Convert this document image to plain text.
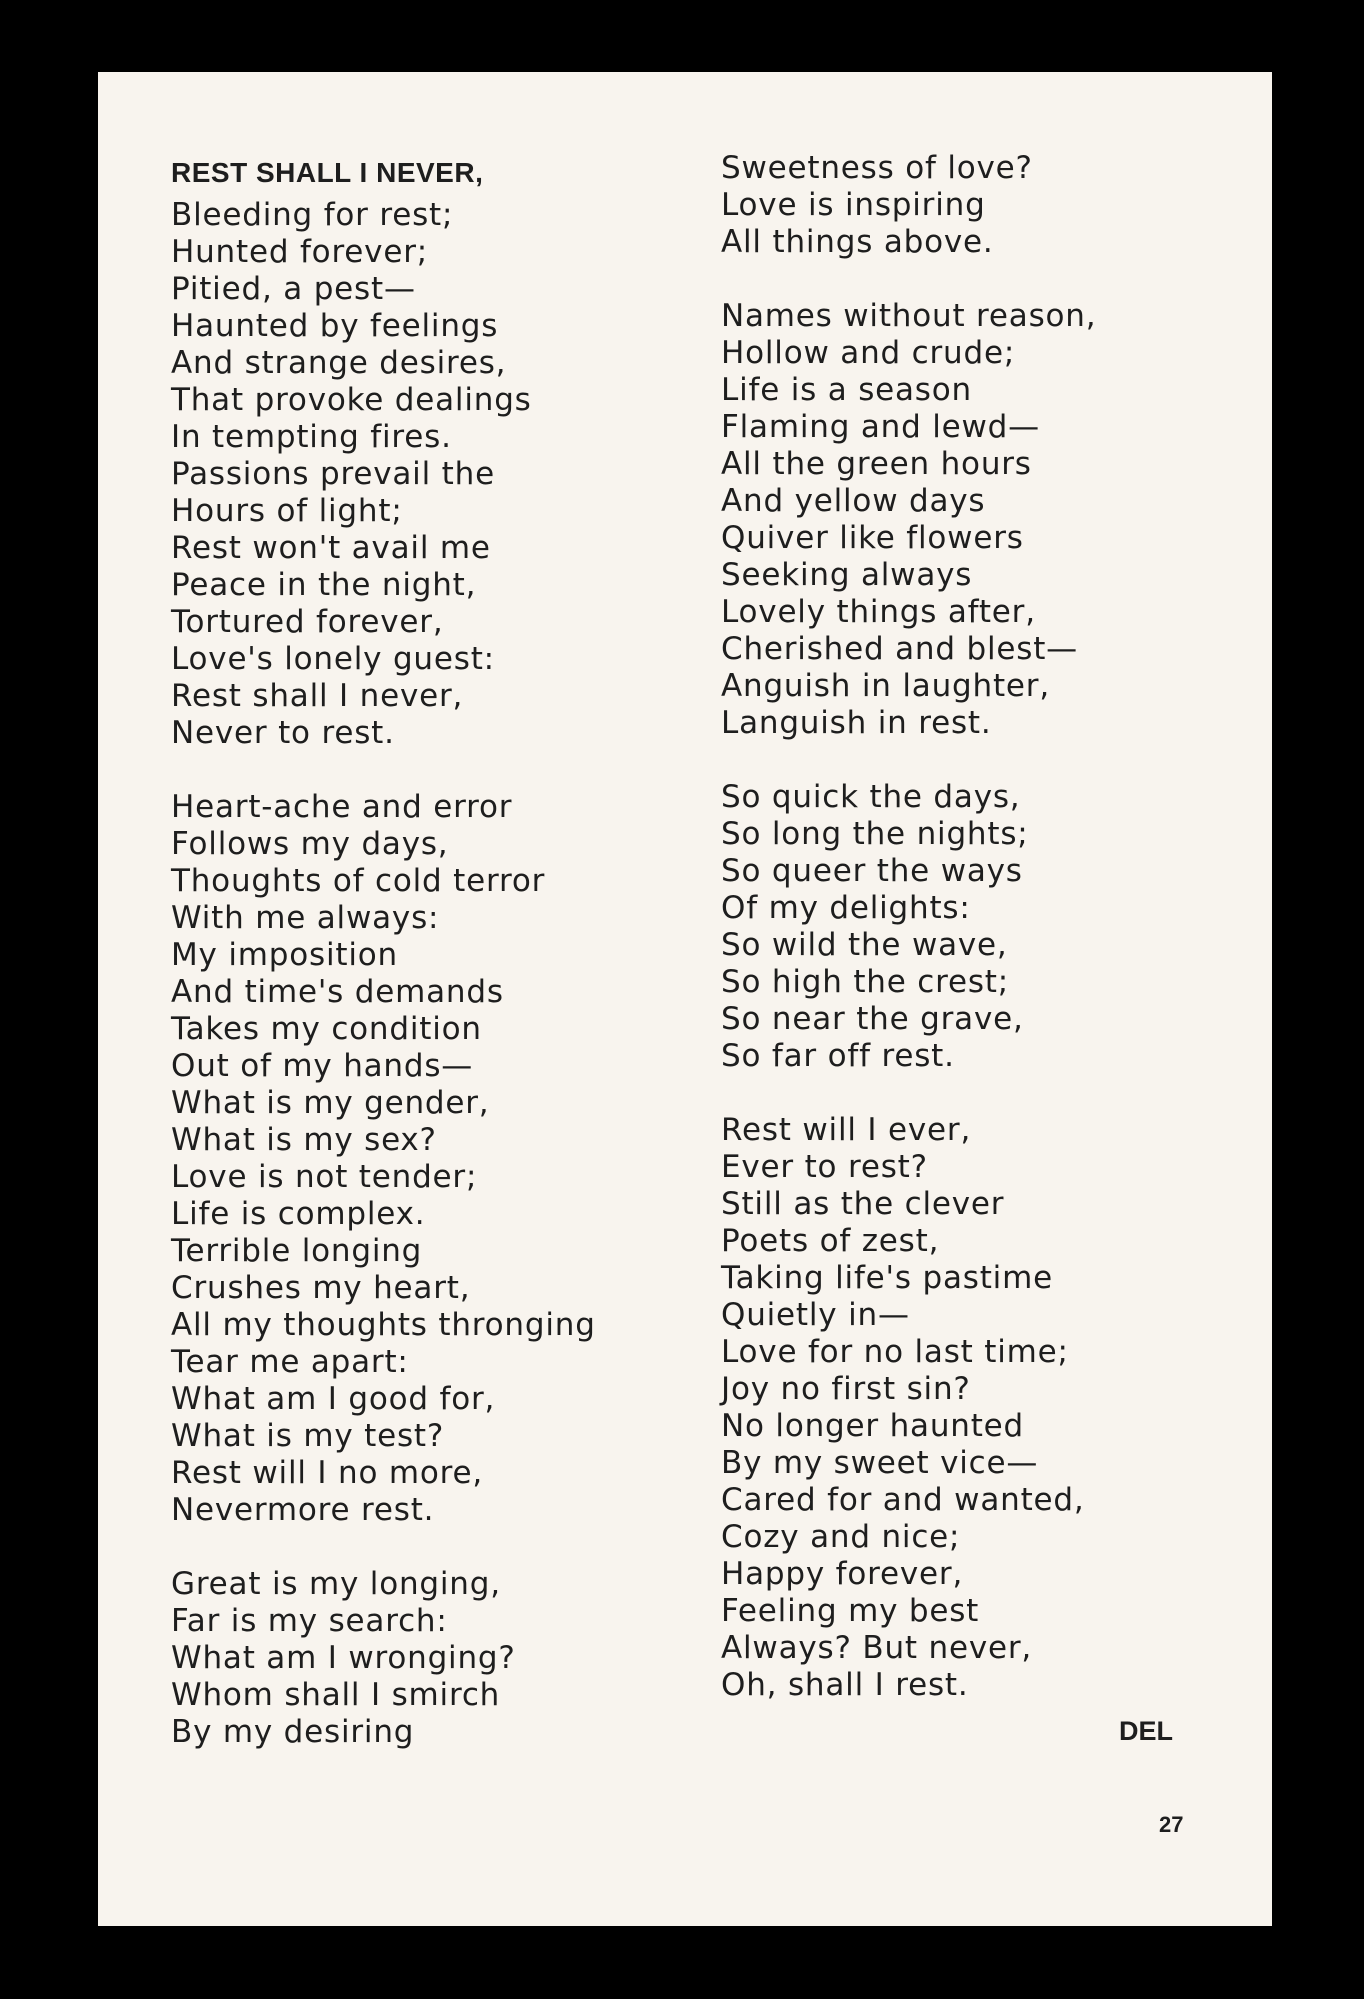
REST SHALL I NEVER,
Bleeding for rest;
Hunted forever;
Pitied, a pest—
Haunted by feelings
And strange desires,
That provoke dealings
In tempting fires.
Passions prevail the
Hours of light;
Rest won't avail me
Peace in the night,
Tortured forever,
Love's lonely guest:
Rest shall I never,
Never to rest.
Heart-ache and error
Follows my days,
Thoughts of cold terror
With me always:
My imposition
And time's demands
Takes my condition
Out of my hands—
What is my gender,
What is my sex?
Love is not tender;
Life is complex.
Terrible longing
Crushes my heart,
All my thoughts thronging
Tear me apart:
What am I good for,
What is my test?
Rest will I no more,
Nevermore rest.
Great is my longing,
Far is my search:
What am I wronging?
Whom shall I smirch
By my desiring
Sweetness of love?
Love is inspiring
All things above.
Names without reason,
Hollow and crude;
Life is a season
Flaming and lewd—
All the green hours
And yellow days
Quiver like flowers
Seeking always
Lovely things after,
Cherished and blest—
Anguish in laughter,
Languish in rest.
So quick the days,
So long the nights;
So queer the ways
Of my delights:
So wild the wave,
So high the crest;
So near the grave,
So far off rest.
Rest will I ever,
Ever to rest?
Still as the clever
Poets of zest,
Taking life's pastime
Quietly in—
Love for no last time;
Joy no first sin?
No longer haunted
By my sweet vice—
Cared for and wanted,
Cozy and nice;
Happy forever,
Feeling my best
Always? But never,
Oh, shall I rest.
DEL
27
